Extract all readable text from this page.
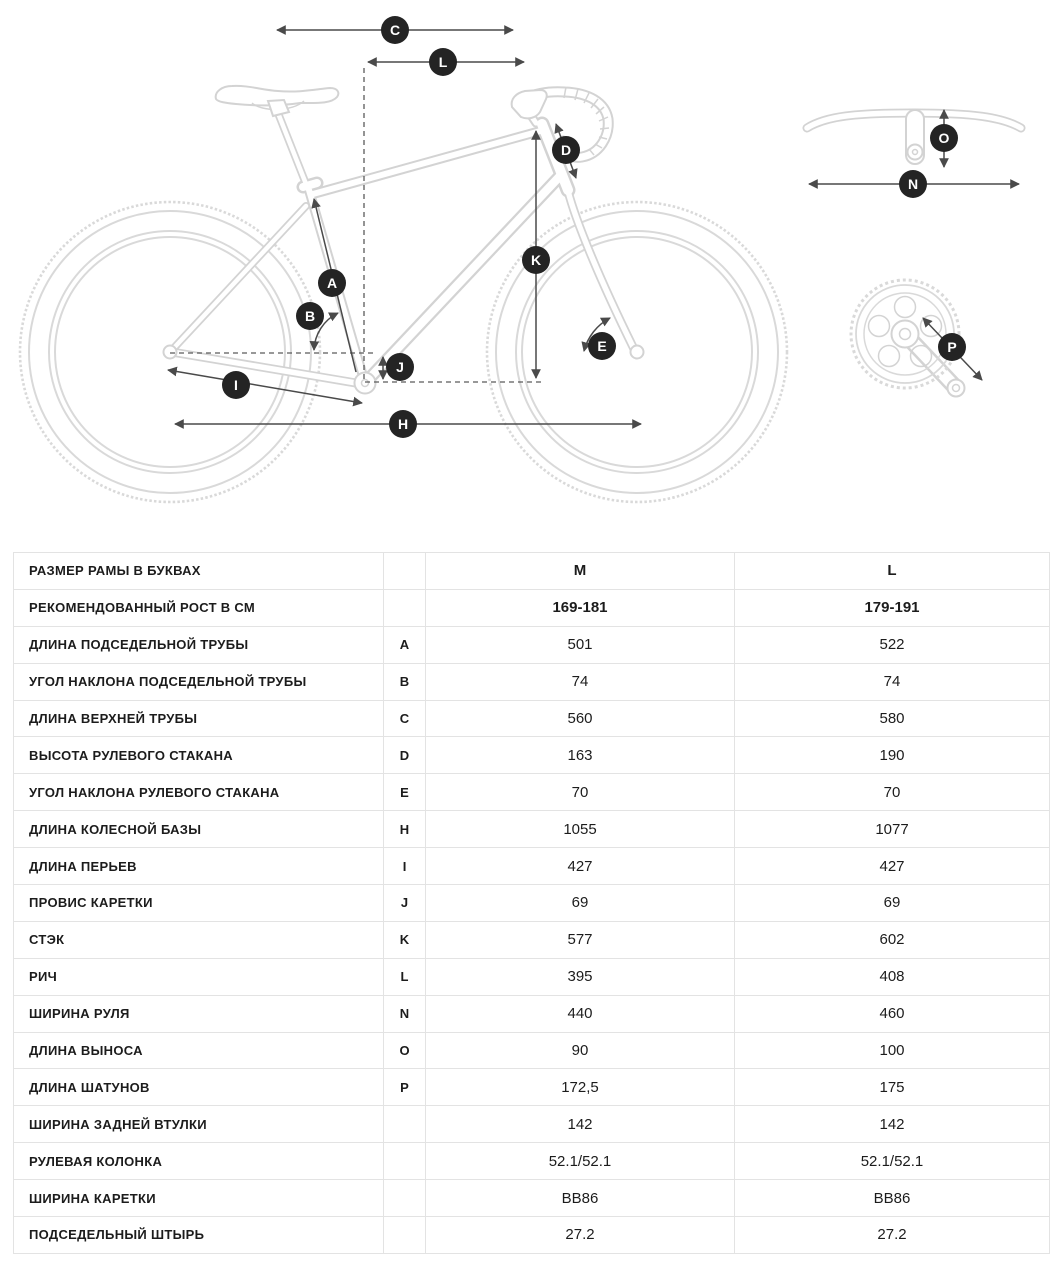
A
B
C
D
E
H
I
J
K
L
N
O
P
РАЗМЕР РАМЫ В БУКВАХ		M	L
РЕКОМЕНДОВАННЫЙ РОСТ В СМ		169-181	179-191
ДЛИНА ПОДСЕДЕЛЬНОЙ ТРУБЫ	A	501	522
УГОЛ НАКЛОНА ПОДСЕДЕЛЬНОЙ ТРУБЫ	B	74	74
ДЛИНА ВЕРХНЕЙ ТРУБЫ	C	560	580
ВЫСОТА РУЛЕВОГО СТАКАНА	D	163	190
УГОЛ НАКЛОНА РУЛЕВОГО СТАКАНА	E	70	70
ДЛИНА КОЛЕСНОЙ БАЗЫ	H	1055	1077
ДЛИНА ПЕРЬЕВ	I	427	427
ПРОВИС КАРЕТКИ	J	69	69
СТЭК	K	577	602
РИЧ	L	395	408
ШИРИНА РУЛЯ	N	440	460
ДЛИНА ВЫНОСА	O	90	100
ДЛИНА ШАТУНОВ	P	172,5	175
ШИРИНА ЗАДНЕЙ ВТУЛКИ		142	142
РУЛЕВАЯ КОЛОНКА		52.1/52.1	52.1/52.1
ШИРИНА КАРЕТКИ		BB86	BB86
ПОДСЕДЕЛЬНЫЙ ШТЫРЬ		27.2	27.2
